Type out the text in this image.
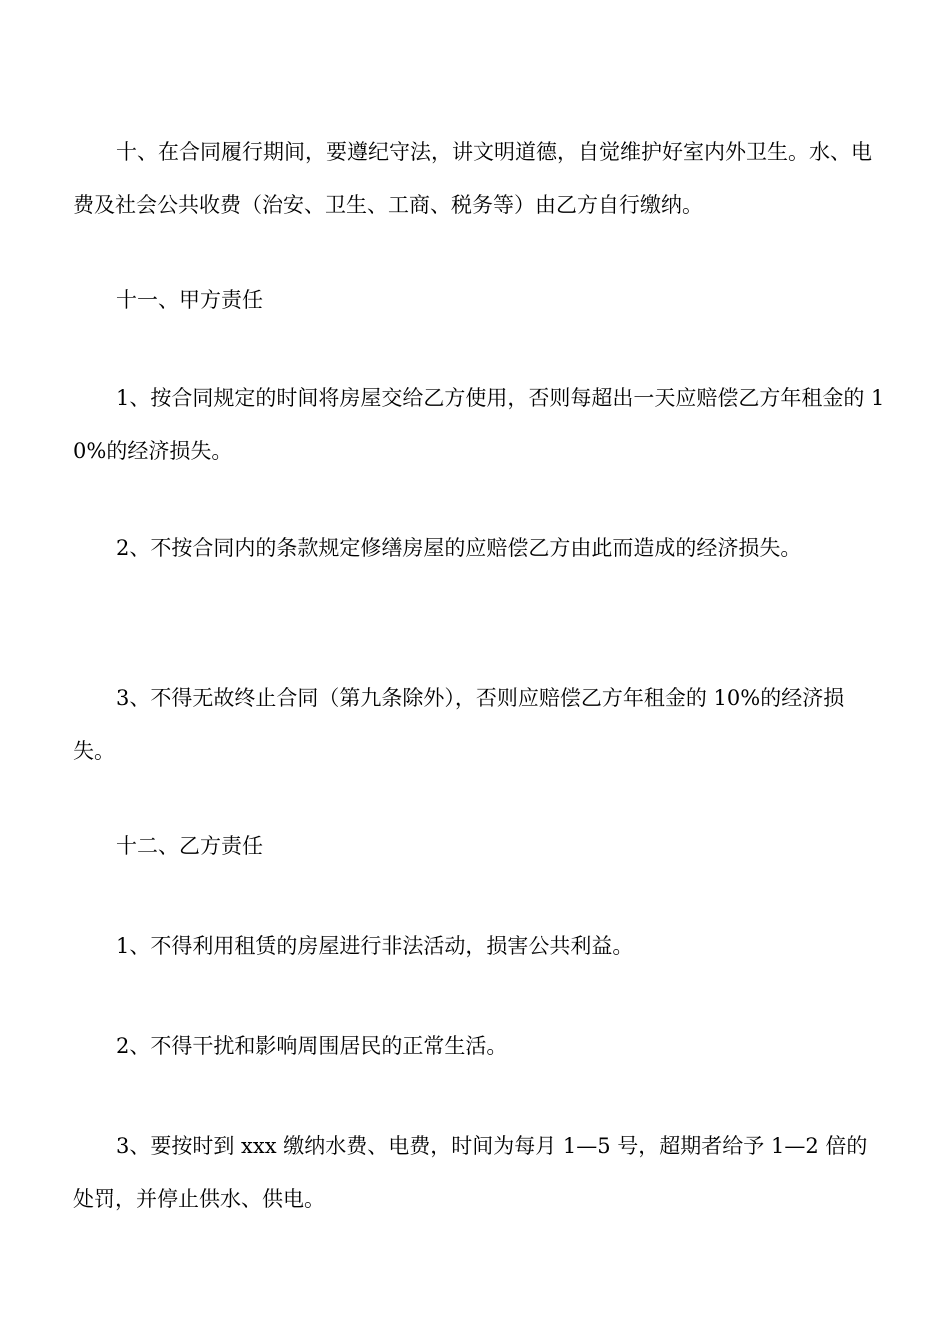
十、在合同履行期间，要遵纪守法，讲文明道德，自觉维护好室内外卫生。水、电费及社会公共收费（治安、卫生、工商、税务等）由乙方自行缴纳。

十一、甲方责任

1、按合同规定的时间将房屋交给乙方使用，否则每超出一天应赔偿乙方年租金的 10%的经济损失。

2、不按合同内的条款规定修缮房屋的应赔偿乙方由此而造成的经济损失。

3、不得无故终止合同（第九条除外），否则应赔偿乙方年租金的 10%的经济损失。

十二、乙方责任

1、不得利用租赁的房屋进行非法活动，损害公共利益。

2、不得干扰和影响周围居民的正常生活。

3、要按时到 xxx 缴纳水费、电费，时间为每月 1—5 号，超期者给予 1—2 倍的处罚，并停止供水、供电。
